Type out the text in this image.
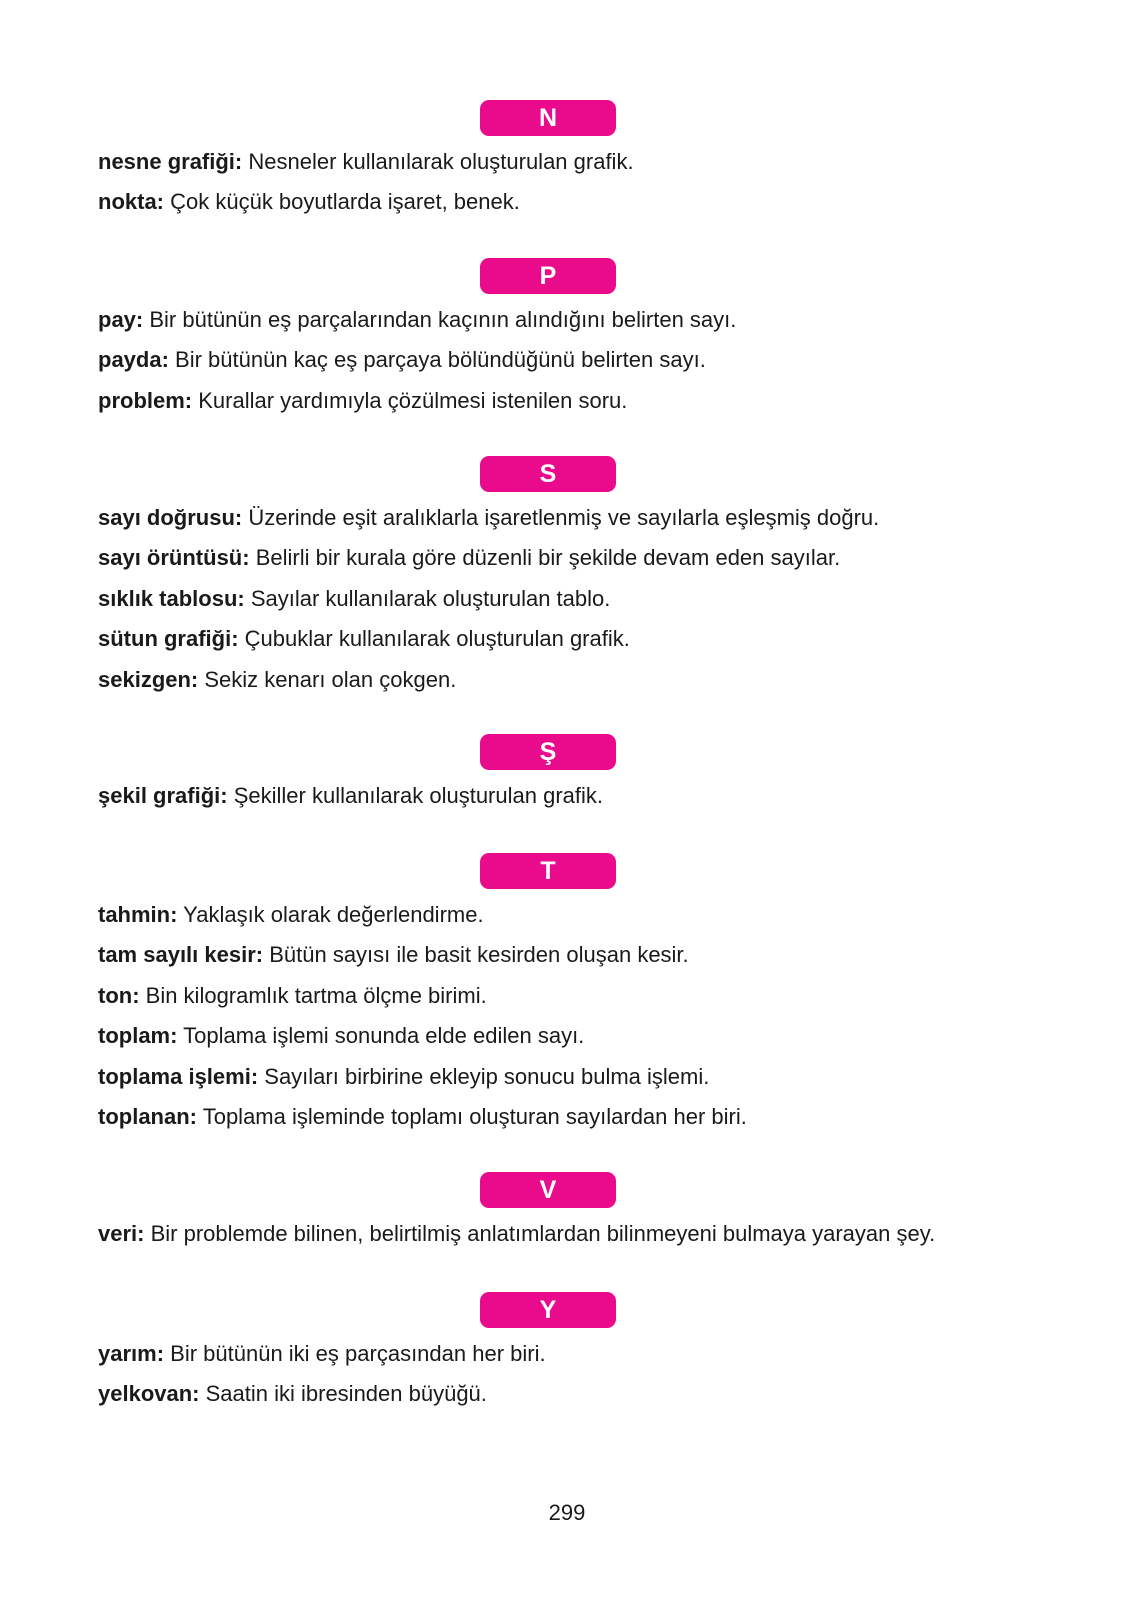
N
nesne grafiği: Nesneler kullanılarak oluşturulan grafik.
nokta: Çok küçük boyutlarda işaret, benek.
P
pay: Bir bütünün eş parçalarından kaçının alındığını belirten sayı.
payda: Bir bütünün kaç eş parçaya bölündüğünü belirten sayı.
problem: Kurallar yardımıyla çözülmesi istenilen soru.
S
sayı doğrusu: Üzerinde eşit aralıklarla işaretlenmiş ve sayılarla eşleşmiş doğru.
sayı örüntüsü: Belirli bir kurala göre düzenli bir şekilde devam eden sayılar.
sıklık tablosu: Sayılar kullanılarak oluşturulan tablo.
sütun grafiği: Çubuklar kullanılarak oluşturulan grafik.
sekizgen: Sekiz kenarı olan çokgen.
Ş
şekil grafiği: Şekiller kullanılarak oluşturulan grafik.
T
tahmin: Yaklaşık olarak değerlendirme.
tam sayılı kesir: Bütün sayısı ile basit kesirden oluşan kesir.
ton: Bin kilogramlık tartma ölçme birimi.
toplam: Toplama işlemi sonunda elde edilen sayı.
toplama işlemi: Sayıları birbirine ekleyip sonucu bulma işlemi.
toplanan: Toplama işleminde toplamı oluşturan sayılardan her biri.
V
veri: Bir problemde bilinen, belirtilmiş anlatımlardan bilinmeyeni bulmaya yarayan şey.
Y
yarım: Bir bütünün iki eş parçasından her biri.
yelkovan: Saatin iki ibresinden büyüğü.
299
